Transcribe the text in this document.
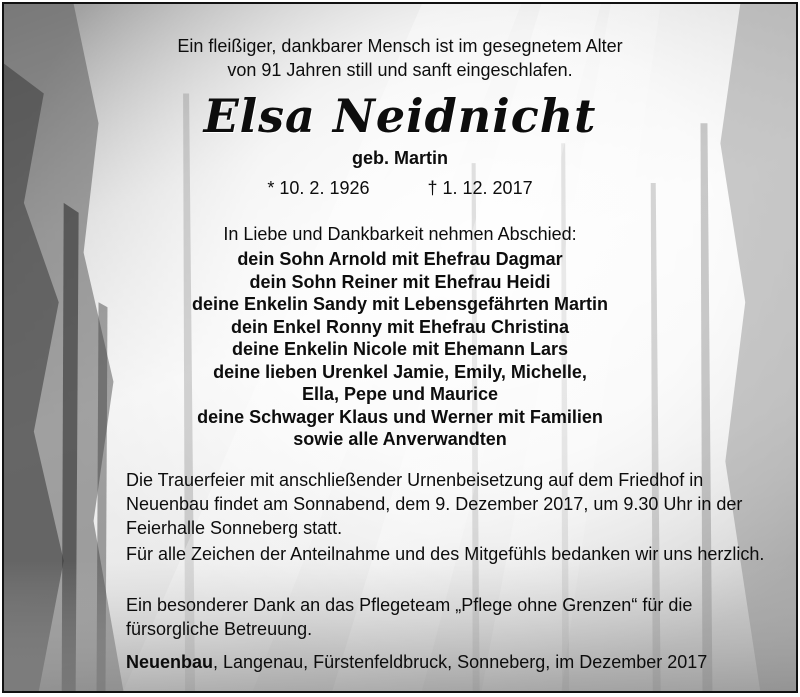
Ein fleißiger, dankbarer Mensch ist im gesegnetem Alter
von 91 Jahren still und sanft eingeschlafen.
Elsa Neidnicht
geb. Martin
* 10. 2. 1926	† 1. 12. 2017
In Liebe und Dankbarkeit nehmen Abschied:
dein Sohn Arnold mit Ehefrau Dagmar
dein Sohn Reiner mit Ehefrau Heidi
deine Enkelin Sandy mit Lebensgefährten Martin
dein Enkel Ronny mit Ehefrau Christina
deine Enkelin Nicole mit Ehemann Lars
deine lieben Urenkel Jamie, Emily, Michelle,
Ella, Pepe und Maurice
deine Schwager Klaus und Werner mit Familien
sowie alle Anverwandten
Die Trauerfeier mit anschließender Urnenbeisetzung auf dem Friedhof in Neuenbau findet am Sonnabend, dem 9. Dezember 2017, um 9.30 Uhr in der Feierhalle Sonneberg statt.
Für alle Zeichen der Anteilnahme und des Mitgefühls bedanken wir uns herzlich.
Ein besonderer Dank an das Pflegeteam „Pflege ohne Grenzen“ für die fürsorgliche Betreuung.
Neuenbau, Langenau, Fürstenfeldbruck, Sonneberg, im Dezember 2017
